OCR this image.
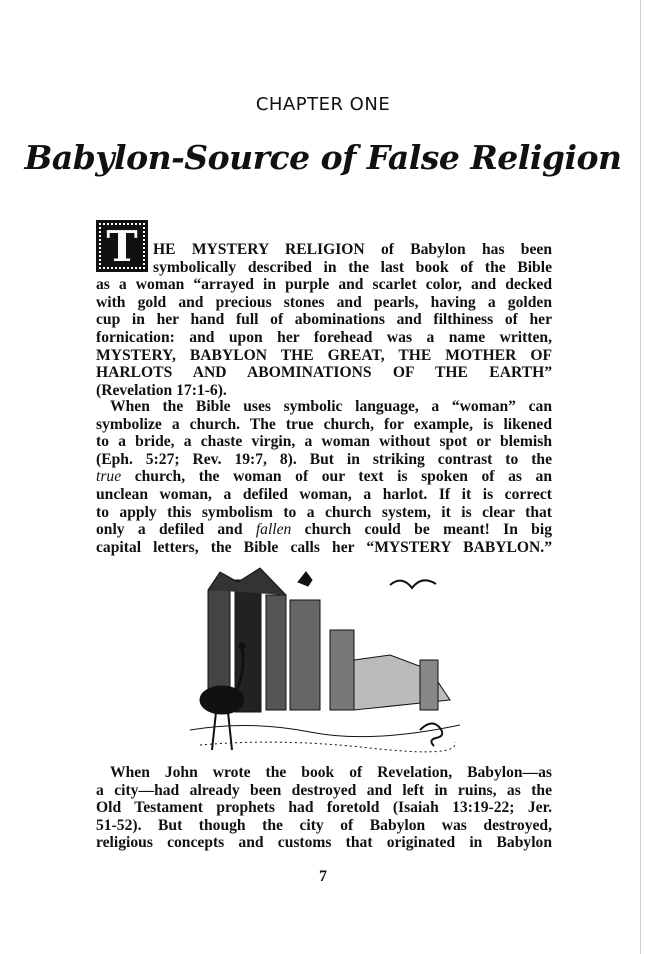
CHAPTER ONE
Babylon-Source of False Religion
T HE MYSTERY RELIGION of Babylon has been
symbolically described in the last book of the Bible
as a woman “arrayed in purple and scarlet color, and decked
with gold and precious stones and pearls, having a golden
cup in her hand full of abominations and filthiness of her
fornication: and upon her forehead was a name written,
MYSTERY, BABYLON THE GREAT, THE MOTHER OF
HARLOTS AND ABOMINATIONS OF THE EARTH”
(Revelation 17:1-6).
When the Bible uses symbolic language, a “woman” can
symbolize a church. The true church, for example, is likened
to a bride, a chaste virgin, a woman without spot or blemish
(Eph. 5:27; Rev. 19:7, 8). But in striking contrast to the
true church, the woman of our text is spoken of as an
unclean woman, a defiled woman, a harlot. If it is correct
to apply this symbolism to a church system, it is clear that
only a defiled and fallen church could be meant! In big
capital letters, the Bible calls her “MYSTERY BABYLON.”
When John wrote the book of Revelation, Babylon—as
a city—had already been destroyed and left in ruins, as the
Old Testament prophets had foretold (Isaiah 13:19-22; Jer.
51-52). But though the city of Babylon was destroyed,
religious concepts and customs that originated in Babylon
7
